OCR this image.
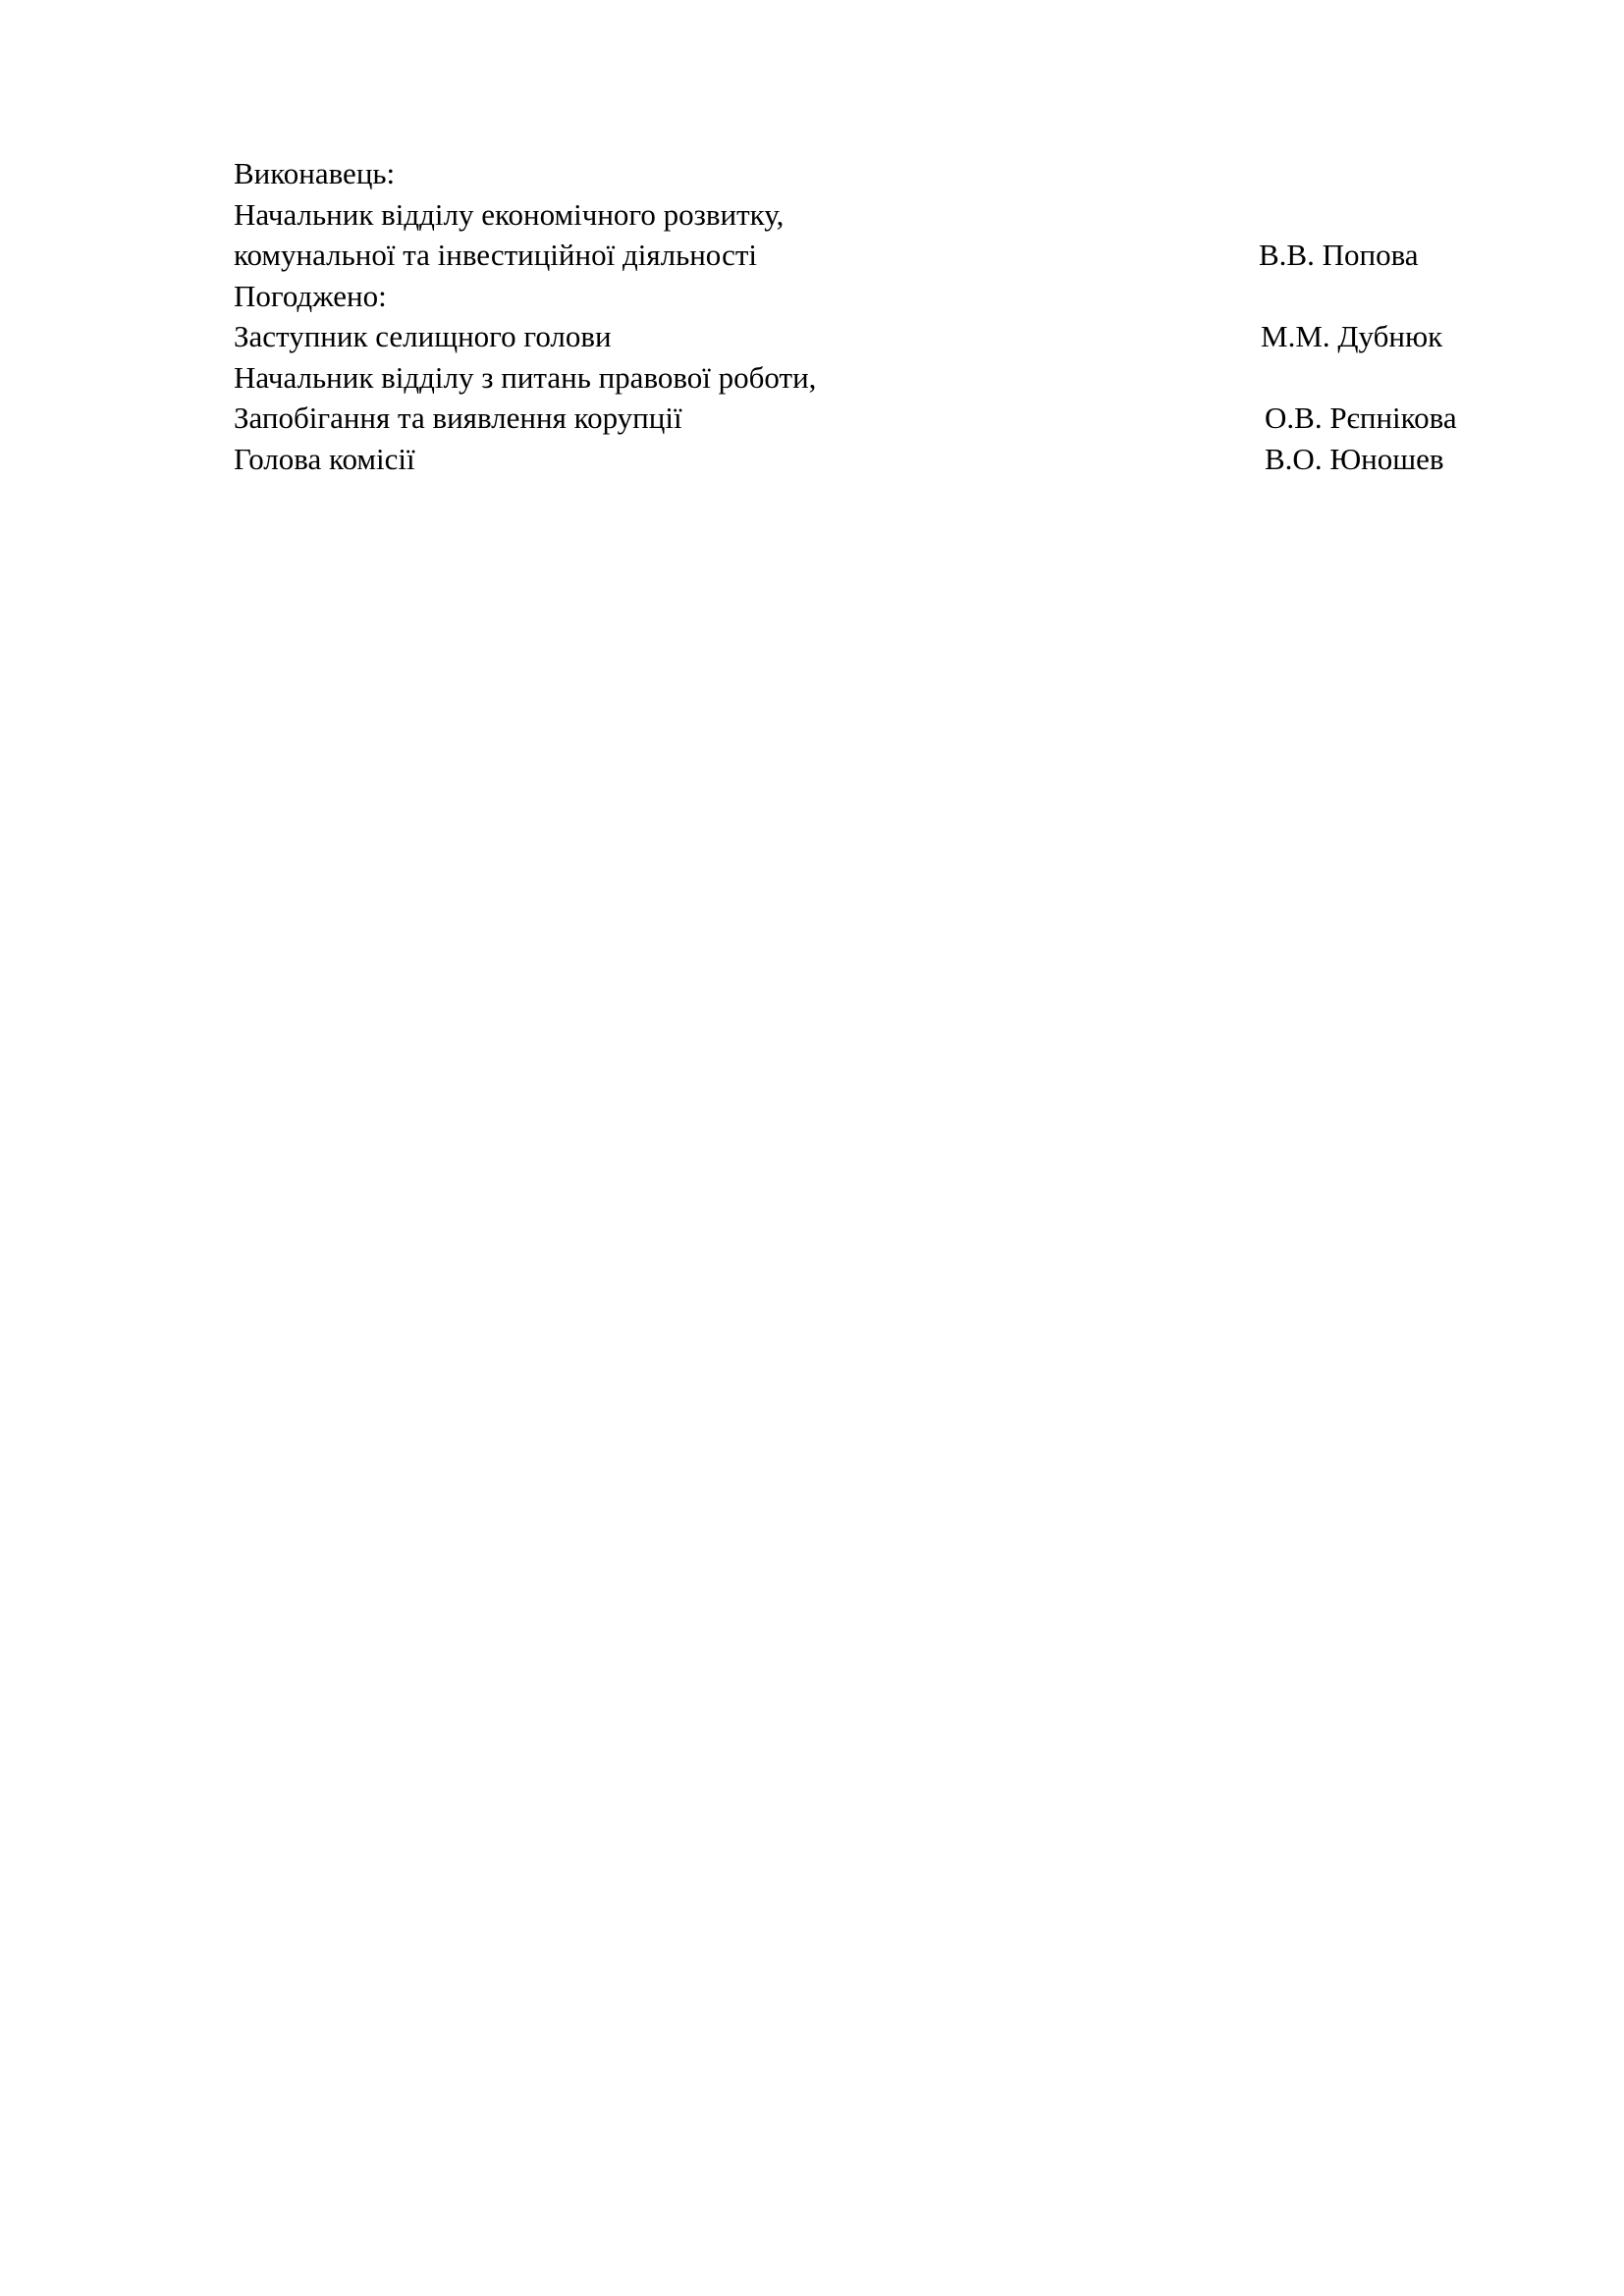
Виконавець:
Начальник відділу економічного розвитку,
комунальної та інвестиційної діяльності	В.В. Попова
Погоджено:
Заступник селищного голови	М.М. Дубнюк
Начальник відділу з питань правової роботи,
Запобігання та виявлення корупції	О.В. Рєпнікова
Голова комісії	В.О. Юношев
